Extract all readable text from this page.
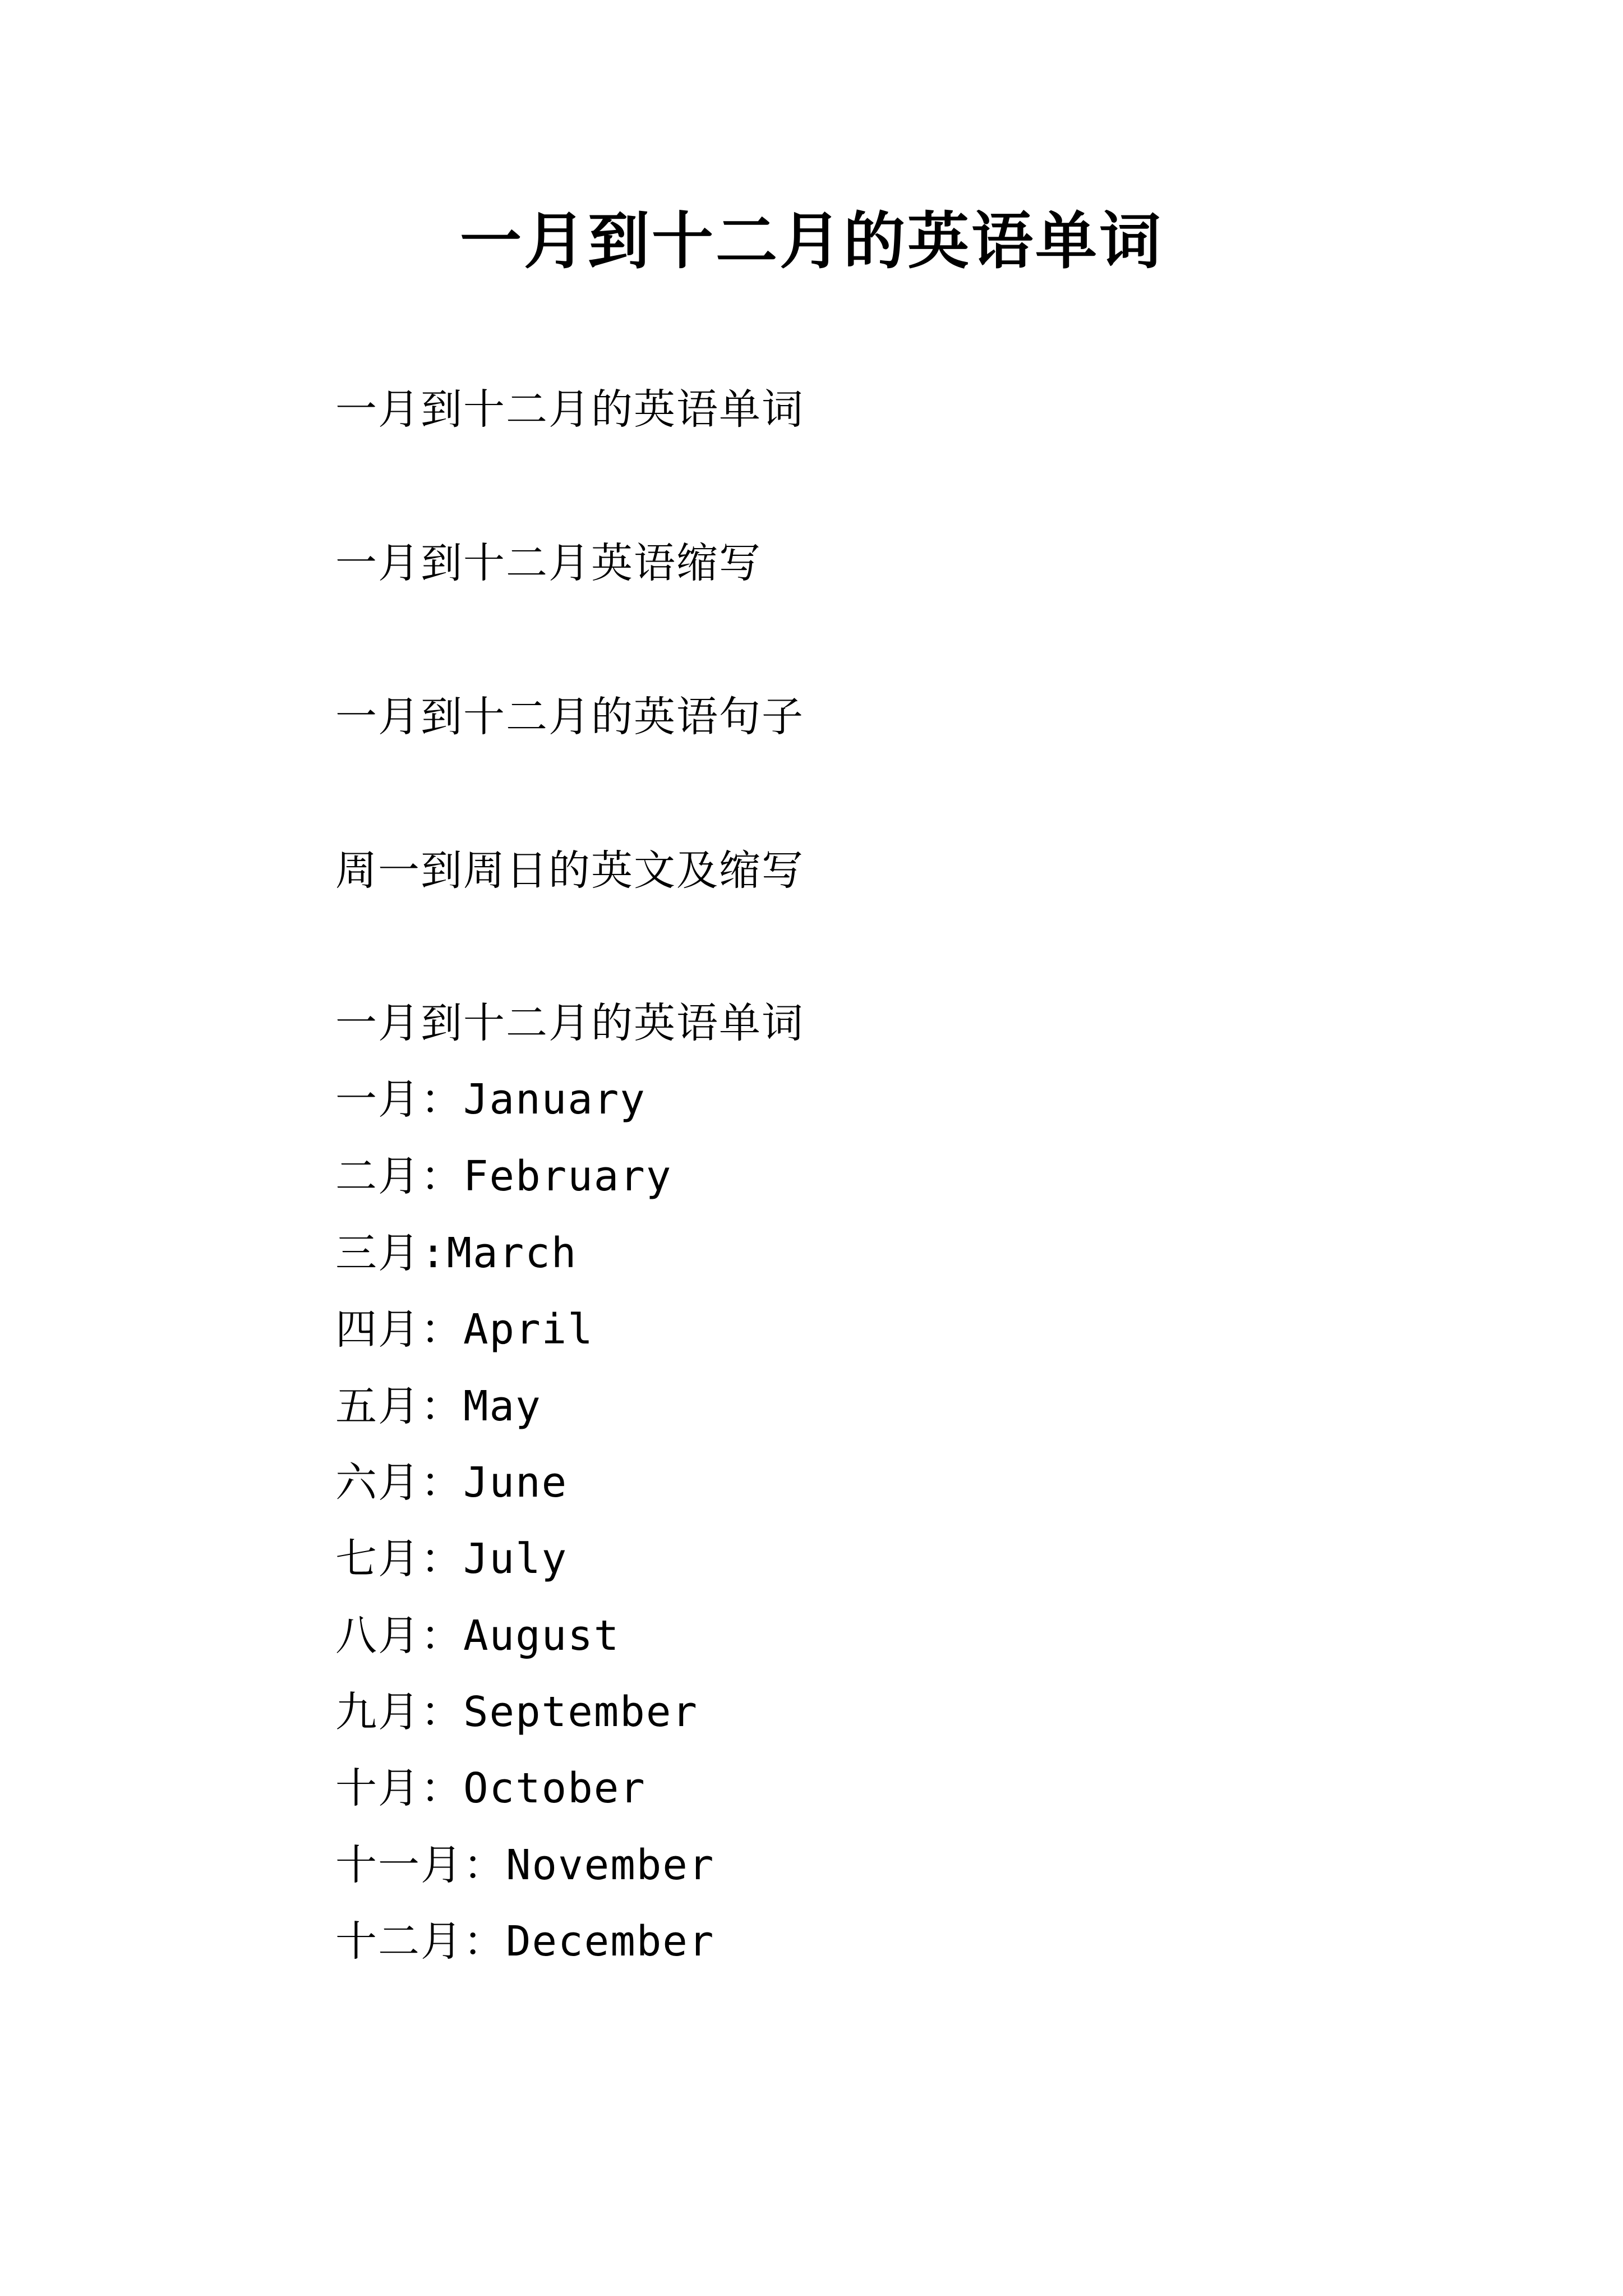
一月到十二月的英语单词
一月到十二月的英语单词
一月到十二月英语缩写
一月到十二月的英语句子
周一到周日的英文及缩写
一月到十二月的英语单词
一月：January
二月：February
三月:March
四月：April
五月：May
六月：June
七月：July
八月：August
九月：September
十月：October
十一月：November
十二月：December
